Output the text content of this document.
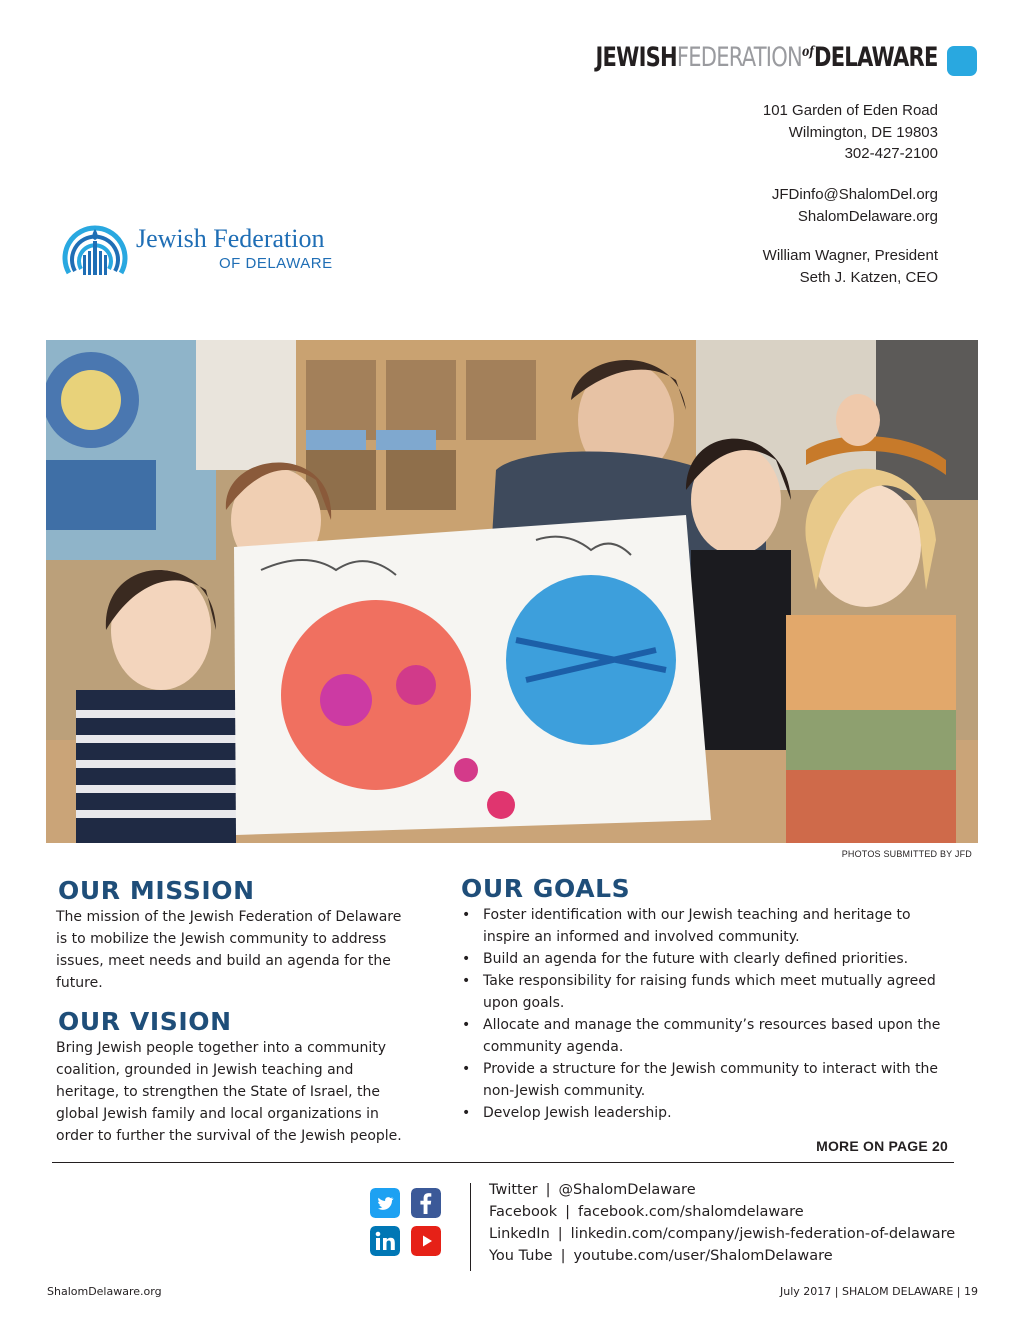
$JEWISHFEDERATION^{of}DELAWARE$
101 Garden of Eden Road
Wilmington, DE 19803
302-427-2100
JFDinfo@ShalomDel.org
ShalomDelaware.org
William Wagner, President
Seth J. Katzen, CEO
Jewish Federation
OF DELAWARE
PHOTOS SUBMITTED BY JFD
OUR MISSION
The mission of the Jewish Federation of Delaware
is to mobilize the Jewish community to address
issues, meet needs and build an agenda for the
future.
OUR VISION
Bring Jewish people together into a community
coalition, grounded in Jewish teaching and
heritage, to strengthen the State of Israel, the
global Jewish family and local organizations in
order to further the survival of the Jewish people.
OUR GOALS
• Foster identification with our Jewish teaching and heritage to
inspire an informed and involved community.
• Build an agenda for the future with clearly defined priorities.
• Take responsibility for raising funds which meet mutually agreed
upon goals.
• Allocate and manage the community’s resources based upon the
community agenda.
• Provide a structure for the Jewish community to interact with the
non-Jewish community.
• Develop Jewish leadership.
MORE ON PAGE 20
Twitter | @ShalomDelaware
Facebook | facebook.com/shalomdelaware
LinkedIn | linkedin.com/company/jewish-federation-of-delaware
You Tube | youtube.com/user/ShalomDelaware
ShalomDelaware.org	July 2017 | SHALOM DELAWARE | 19
